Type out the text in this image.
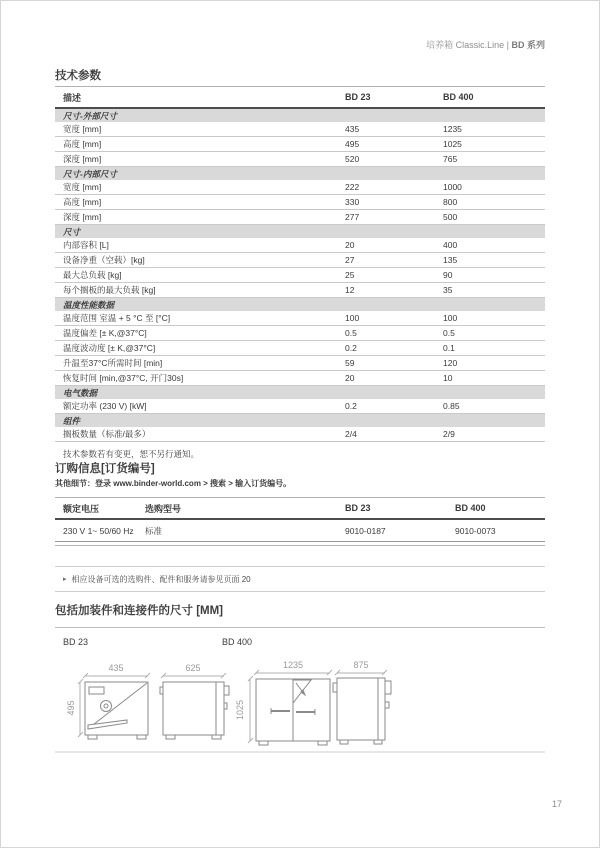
培养箱 Classic.Line | BD 系列
技术参数
描述	BD 23	BD 400
尺寸-外部尺寸
宽度 [mm]	435	1235
高度 [mm]	495	1025
深度 [mm]	520	765
尺寸-内部尺寸
宽度 [mm]	222	1000
高度 [mm]	330	800
深度 [mm]	277	500
尺寸
内部容积 [L]	20	400
设备净重（空载）[kg]	27	135
最大总负载 [kg]	25	90
每个搁板的最大负载 [kg]	12	35
温度性能数据
温度范围 室温 + 5 °C 至 [°C]	100	100
温度偏差 [± K,@37°C]	0.5	0.5
温度波动度 [± K,@37°C]	0.2	0.1
升温至37°C所需时间 [min]	59	120
恢复时间 [min,@37°C, 开门30s]	20	10
电气数据
额定功率 (230 V) [kW]	0.2	0.85
组件
搁板数量（标准/最多）	2/4	2/9
技术参数若有变更，恕不另行通知。
订购信息[订货编号]
其他细节：登录 www.binder-world.com > 搜索 > 输入订货编号。
额定电压	选购型号	BD 23	BD 400
230 V 1~ 50/60 Hz	标准	9010-0187	9010-0073
▸ 相应设备可选的选购件、配件和服务请参见页面 20
包括加装件和连接件的尺寸 [MM]
BD 23	BD 400
435
495
625	1235
1025
875
17
